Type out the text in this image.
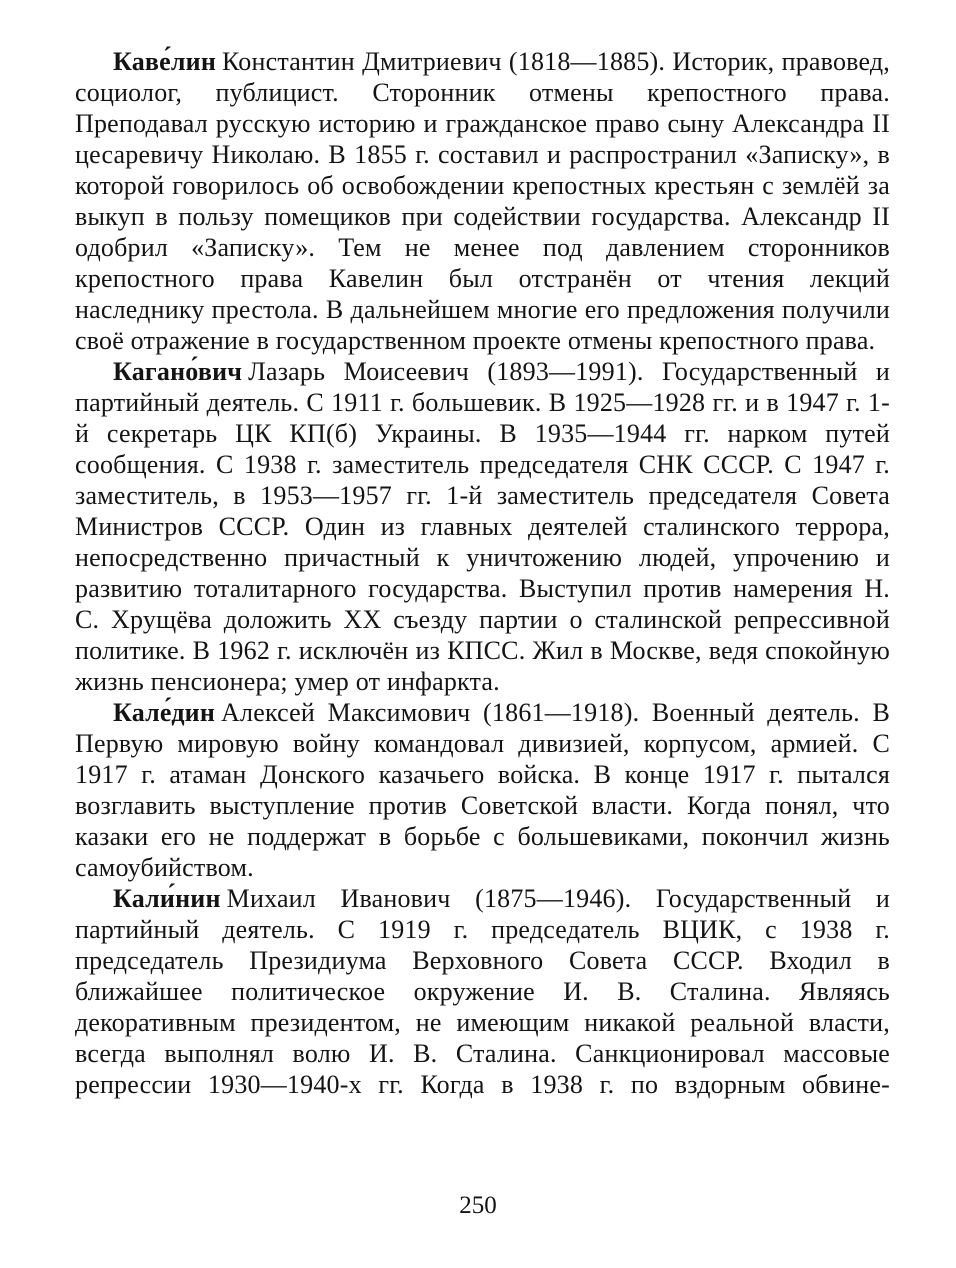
Каве́лин Константин Дмитриевич (1818—1885). Историк, правовед, социолог, публицист. Сторонник отмены крепостного права. Преподавал русскую историю и гражданское право сыну Александра II цесаревичу Николаю. В 1855 г. составил и распространил «Записку», в которой говорилось об освобождении крепостных крестьян с землёй за выкуп в пользу помещиков при содействии государства. Александр II одобрил «Записку». Тем не менее под давлением сторонников крепостного права Кавелин был отстранён от чтения лекций наследнику престола. В дальнейшем многие его предложения получили своё отражение в государственном проекте отмены крепостного права.

Кагано́вич Лазарь Моисеевич (1893—1991). Государственный и партийный деятель. С 1911 г. большевик. В 1925—1928 гг. и в 1947 г. 1-й секретарь ЦК КП(б) Украины. В 1935—1944 гг. нарком путей сообщения. С 1938 г. заместитель председателя СНК СССР. С 1947 г. заместитель, в 1953—1957 гг. 1-й заместитель председателя Совета Министров СССР. Один из главных деятелей сталинского террора, непосредственно причастный к уничтожению людей, упрочению и развитию тоталитарного государства. Выступил против намерения Н. С. Хрущёва доложить XX съезду партии о сталинской репрессивной политике. В 1962 г. исключён из КПСС. Жил в Москве, ведя спокойную жизнь пенсионера; умер от инфаркта.

Кале́дин Алексей Максимович (1861—1918). Военный деятель. В Первую мировую войну командовал дивизией, корпусом, армией. С 1917 г. атаман Донского казачьего войска. В конце 1917 г. пытался возглавить выступление против Советской власти. Когда понял, что казаки его не поддержат в борьбе с большевиками, покончил жизнь самоубийством.

Кали́нин Михаил Иванович (1875—1946). Государственный и партийный деятель. С 1919 г. председатель ВЦИК, с 1938 г. председатель Президиума Верховного Совета СССР. Входил в ближайшее политическое окружение И. В. Сталина. Являясь декоративным президентом, не имеющим никакой реальной власти, всегда выполнял волю И. В. Сталина. Санкционировал массовые репрессии 1930—1940-х гг. Когда в 1938 г. по вздорным обвине-

250
